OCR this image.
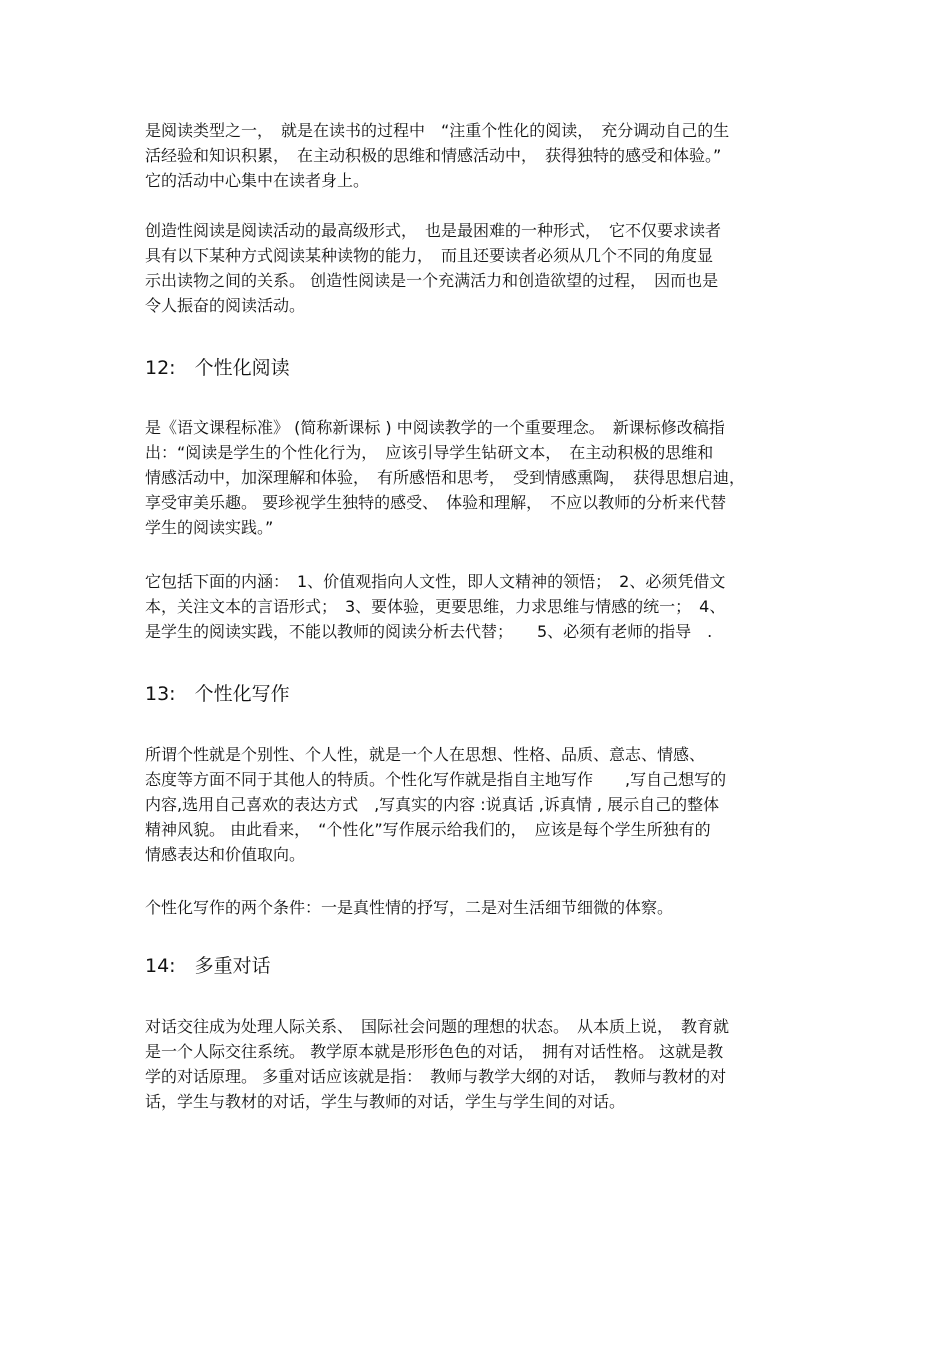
是阅读类型之一，　就是在读书的过程中　“注重个性化的阅读，　充分调动自己的生
活经验和知识积累，　在主动积极的思维和情感活动中，　获得独特的感受和体验。”
它的活动中心集中在读者身上。
创造性阅读是阅读活动的最高级形式，　也是最困难的一种形式，　它不仅要求读者
具有以下某种方式阅读某种读物的能力，　而且还要读者必须从几个不同的角度显
示出读物之间的关系。 创造性阅读是一个充满活力和创造欲望的过程，　因而也是
令人振奋的阅读活动。
12:　个性化阅读
是《语文课程标准》 (简称新课标 ) 中阅读教学的一个重要理念。　新课标修改稿指
出：“阅读是学生的个性化行为，　应该引导学生钻研文本，　在主动积极的思维和
情感活动中，加深理解和体验，　有所感悟和思考，　受到情感熏陶，　获得思想启迪，
享受审美乐趣。 要珍视学生独特的感受、　体验和理解，　不应以教师的分析来代替
学生的阅读实践。”
它包括下面的内涵：　1、价值观指向人文性，即人文精神的领悟；　2、必须凭借文
本，关注文本的言语形式；　3、要体验，更要思维，力求思维与情感的统一；　4、
是学生的阅读实践，不能以教师的阅读分析去代替；　　5、必须有老师的指导　.
13:　个性化写作
所谓个性就是个别性、个人性，就是一个人在思想、性格、品质、意志、情感、
态度等方面不同于其他人的特质。个性化写作就是指自主地写作　　,写自己想写的
内容,选用自己喜欢的表达方式　,写真实的内容 :说真话 ,诉真情 , 展示自己的整体
精神风貌。 由此看来，　“个性化”写作展示给我们的，　应该是每个学生所独有的
情感表达和价值取向。
个性化写作的两个条件：一是真性情的抒写，二是对生活细节细微的体察。
14:　多重对话
对话交往成为处理人际关系、　国际社会问题的理想的状态。　从本质上说，　教育就
是一个人际交往系统。 教学原本就是形形色色的对话，　拥有对话性格。 这就是教
学的对话原理。 多重对话应该就是指：　教师与教学大纲的对话，　教师与教材的对
话，学生与教材的对话，学生与教师的对话，学生与学生间的对话。
